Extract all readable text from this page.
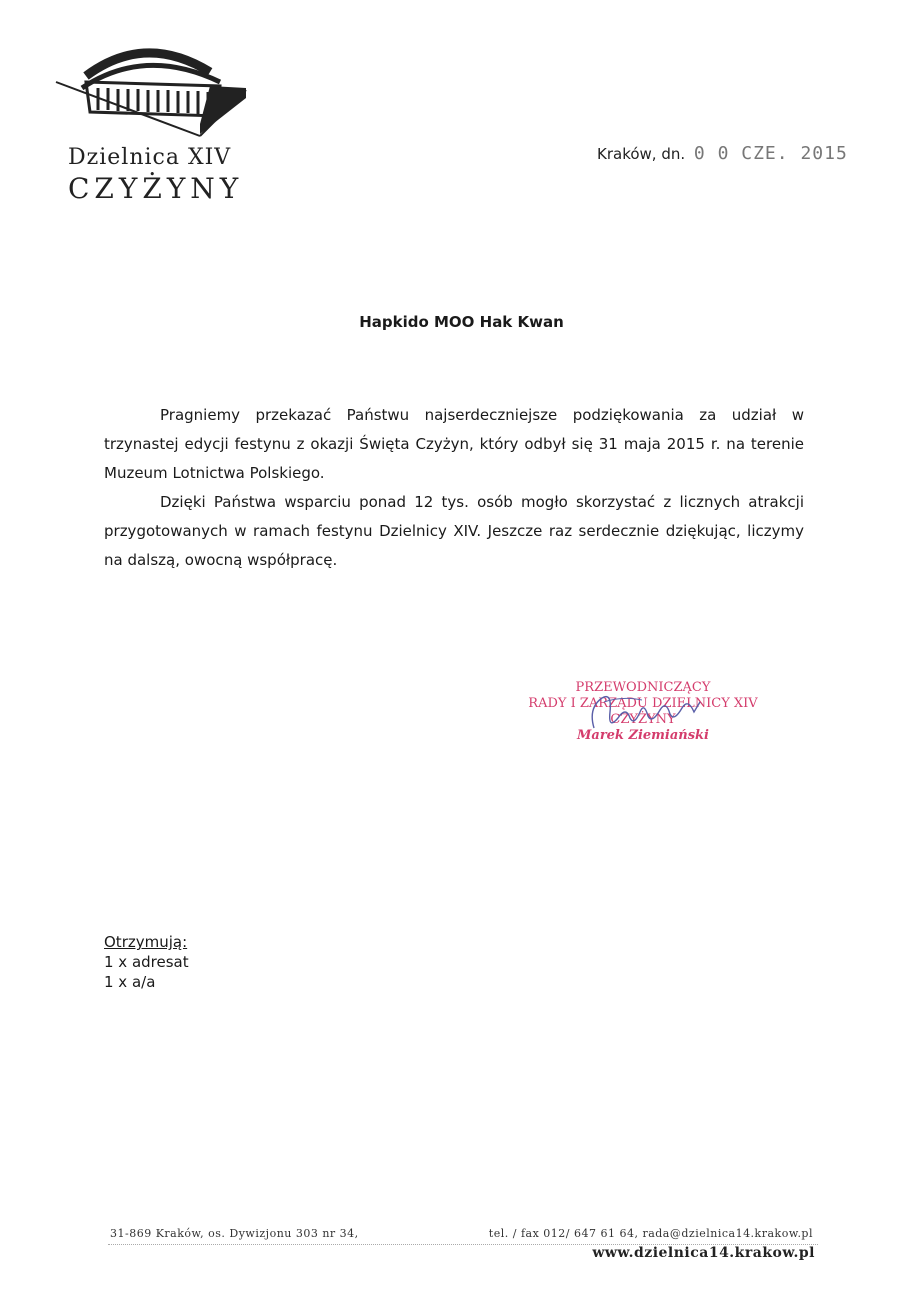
Dzielnica XIV
CZYŻYNY
Kraków, dn. 0 0 CZE. 2015
Hapkido MOO Hak Kwan

Pragniemy przekazać Państwu najserdeczniejsze podziękowania za udział w trzynastej edycji festynu z okazji Święta Czyżyn, który odbył się 31 maja 2015 r. na terenie Muzeum Lotnictwa Polskiego.

Dzięki Państwa wsparciu ponad 12 tys. osób mogło skorzystać z licznych atrakcji przygotowanych w ramach festynu Dzielnicy XIV. Jeszcze raz serdecznie dziękując, liczymy na dalszą, owocną współpracę.

PRZEWODNICZĄCY
RADY I ZARZĄDU DZIELNICY XIV
CZYŻYNY
Marek Ziemiański
Otrzymują:
1 x adresat
1 x a/a
31-869 Kraków, os. Dywizjonu 303 nr 34,	tel. / fax 012/ 647 61 64, rada@dzielnica14.krakow.pl
www.dzielnica14.krakow.pl
